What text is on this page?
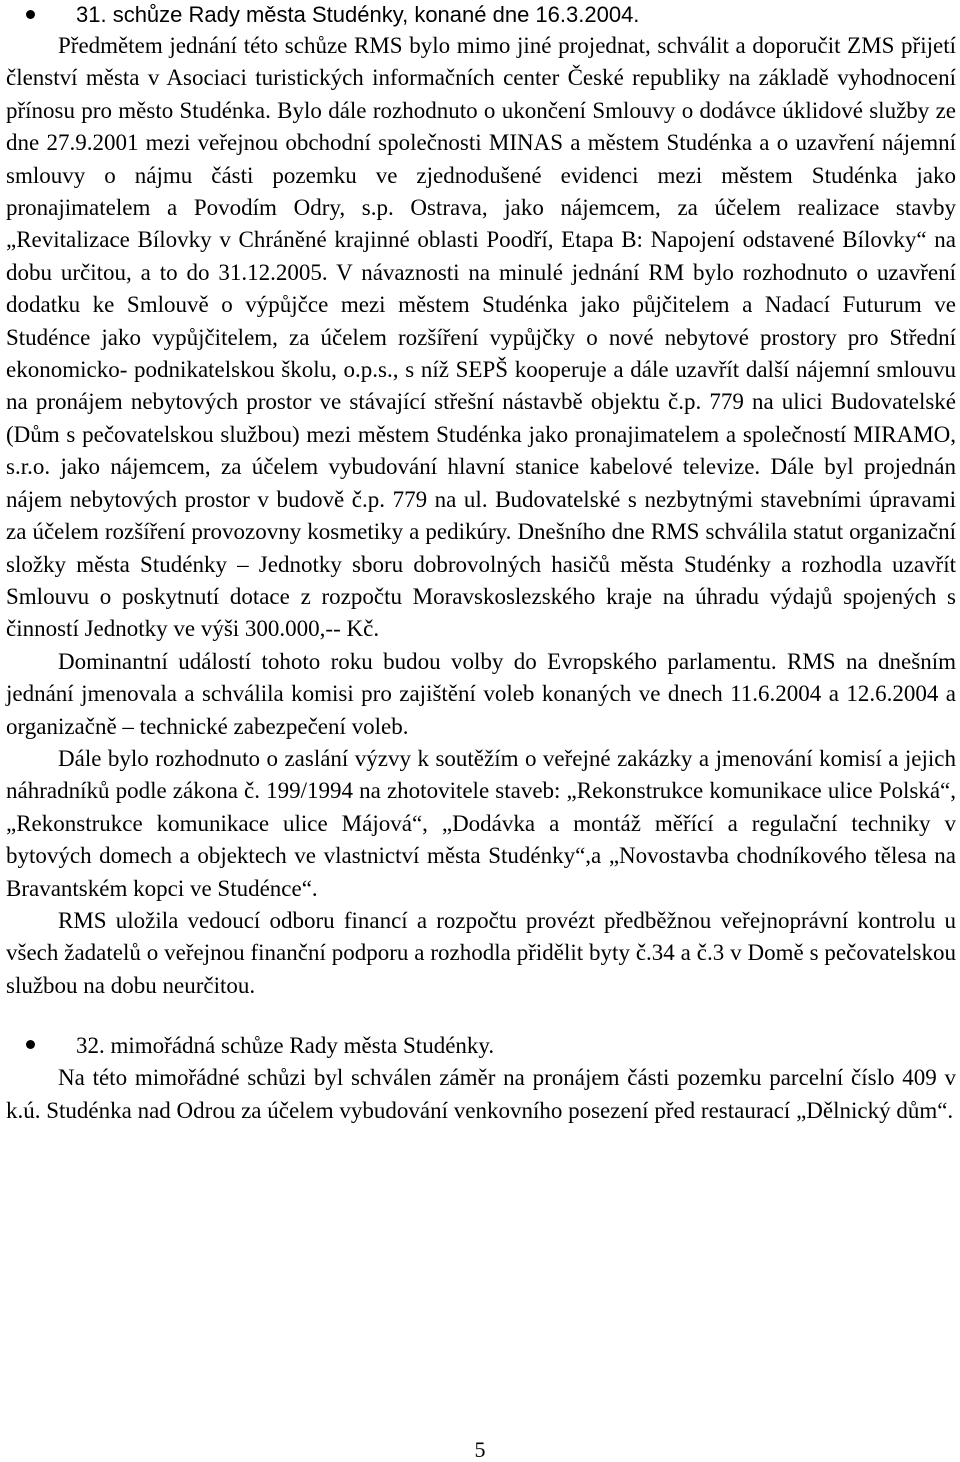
31. schůze Rady města Studénky, konané dne 16.3.2004.

Předmětem jednání této schůze RMS bylo mimo jiné projednat, schválit a doporučit ZMS přijetí členství města v Asociaci turistických informačních center České republiky na základě vyhodnocení přínosu pro město Studénka. Bylo dále rozhodnuto o ukončení Smlouvy o dodávce úklidové služby ze dne 27.9.2001 mezi veřejnou obchodní společnosti MINAS a městem Studénka a o uzavření nájemní smlouvy o nájmu části pozemku ve zjednodušené evidenci mezi městem Studénka jako pronajimatelem a Povodím Odry, s.p. Ostrava, jako nájemcem, za účelem realizace stavby „Revitalizace Bílovky v Chráněné krajinné oblasti Poodří, Etapa B: Napojení odstavené Bílovky“ na dobu určitou, a to do 31.12.2005. V návaznosti na minulé jednání RM bylo rozhodnuto o uzavření dodatku ke Smlouvě o výpůjčce mezi městem Studénka jako půjčitelem a Nadací Futurum ve Studénce jako vypůjčitelem, za účelem rozšíření vypůjčky o nové nebytové prostory pro Střední ekonomicko- podnikatelskou školu, o.p.s., s níž SEPŠ kooperuje a dále uzavřít další nájemní smlouvu na pronájem nebytových prostor ve stávající střešní nástavbě objektu č.p. 779 na ulici Budovatelské (Dům s pečovatelskou službou) mezi městem Studénka jako pronajimatelem a společností MIRAMO, s.r.o. jako nájemcem, za účelem vybudování hlavní stanice kabelové televize. Dále byl projednán nájem nebytových prostor v budově č.p. 779 na ul. Budovatelské s nezbytnými stavebními úpravami za účelem rozšíření provozovny kosmetiky a pedikúry. Dnešního dne RMS schválila statut organizační složky města Studénky – Jednotky sboru dobrovolných hasičů města Studénky a rozhodla uzavřít Smlouvu o poskytnutí dotace z rozpočtu Moravskoslezského kraje na úhradu výdajů spojených s činností Jednotky ve výši 300.000,-- Kč.

Dominantní událostí tohoto roku budou volby do Evropského parlamentu. RMS na dnešním jednání jmenovala a schválila komisi pro zajištění voleb konaných ve dnech 11.6.2004 a 12.6.2004 a organizačně – technické zabezpečení voleb.

Dále bylo rozhodnuto o zaslání výzvy k soutěžím o veřejné zakázky a jmenování komisí a jejich náhradníků podle zákona č. 199/1994 na zhotovitele staveb: „Rekonstrukce komunikace ulice Polská“, „Rekonstrukce komunikace ulice Májová“, „Dodávka a montáž měřící a regulační techniky v bytových domech a objektech ve vlastnictví města Studénky“,a „Novostavba chodníkového tělesa na Bravantském kopci ve Studénce“.

RMS uložila vedoucí odboru financí a rozpočtu provézt předběžnou veřejnoprávní kontrolu u všech žadatelů o veřejnou finanční podporu a rozhodla přidělit byty č.34 a č.3 v Domě s pečovatelskou službou na dobu neurčitou.

32. mimořádná schůze Rady města Studénky.

Na této mimořádné schůzi byl schválen záměr na pronájem části pozemku parcelní číslo 409 v k.ú. Studénka nad Odrou za účelem vybudování venkovního posezení před restaurací „Dělnický dům“.

5
